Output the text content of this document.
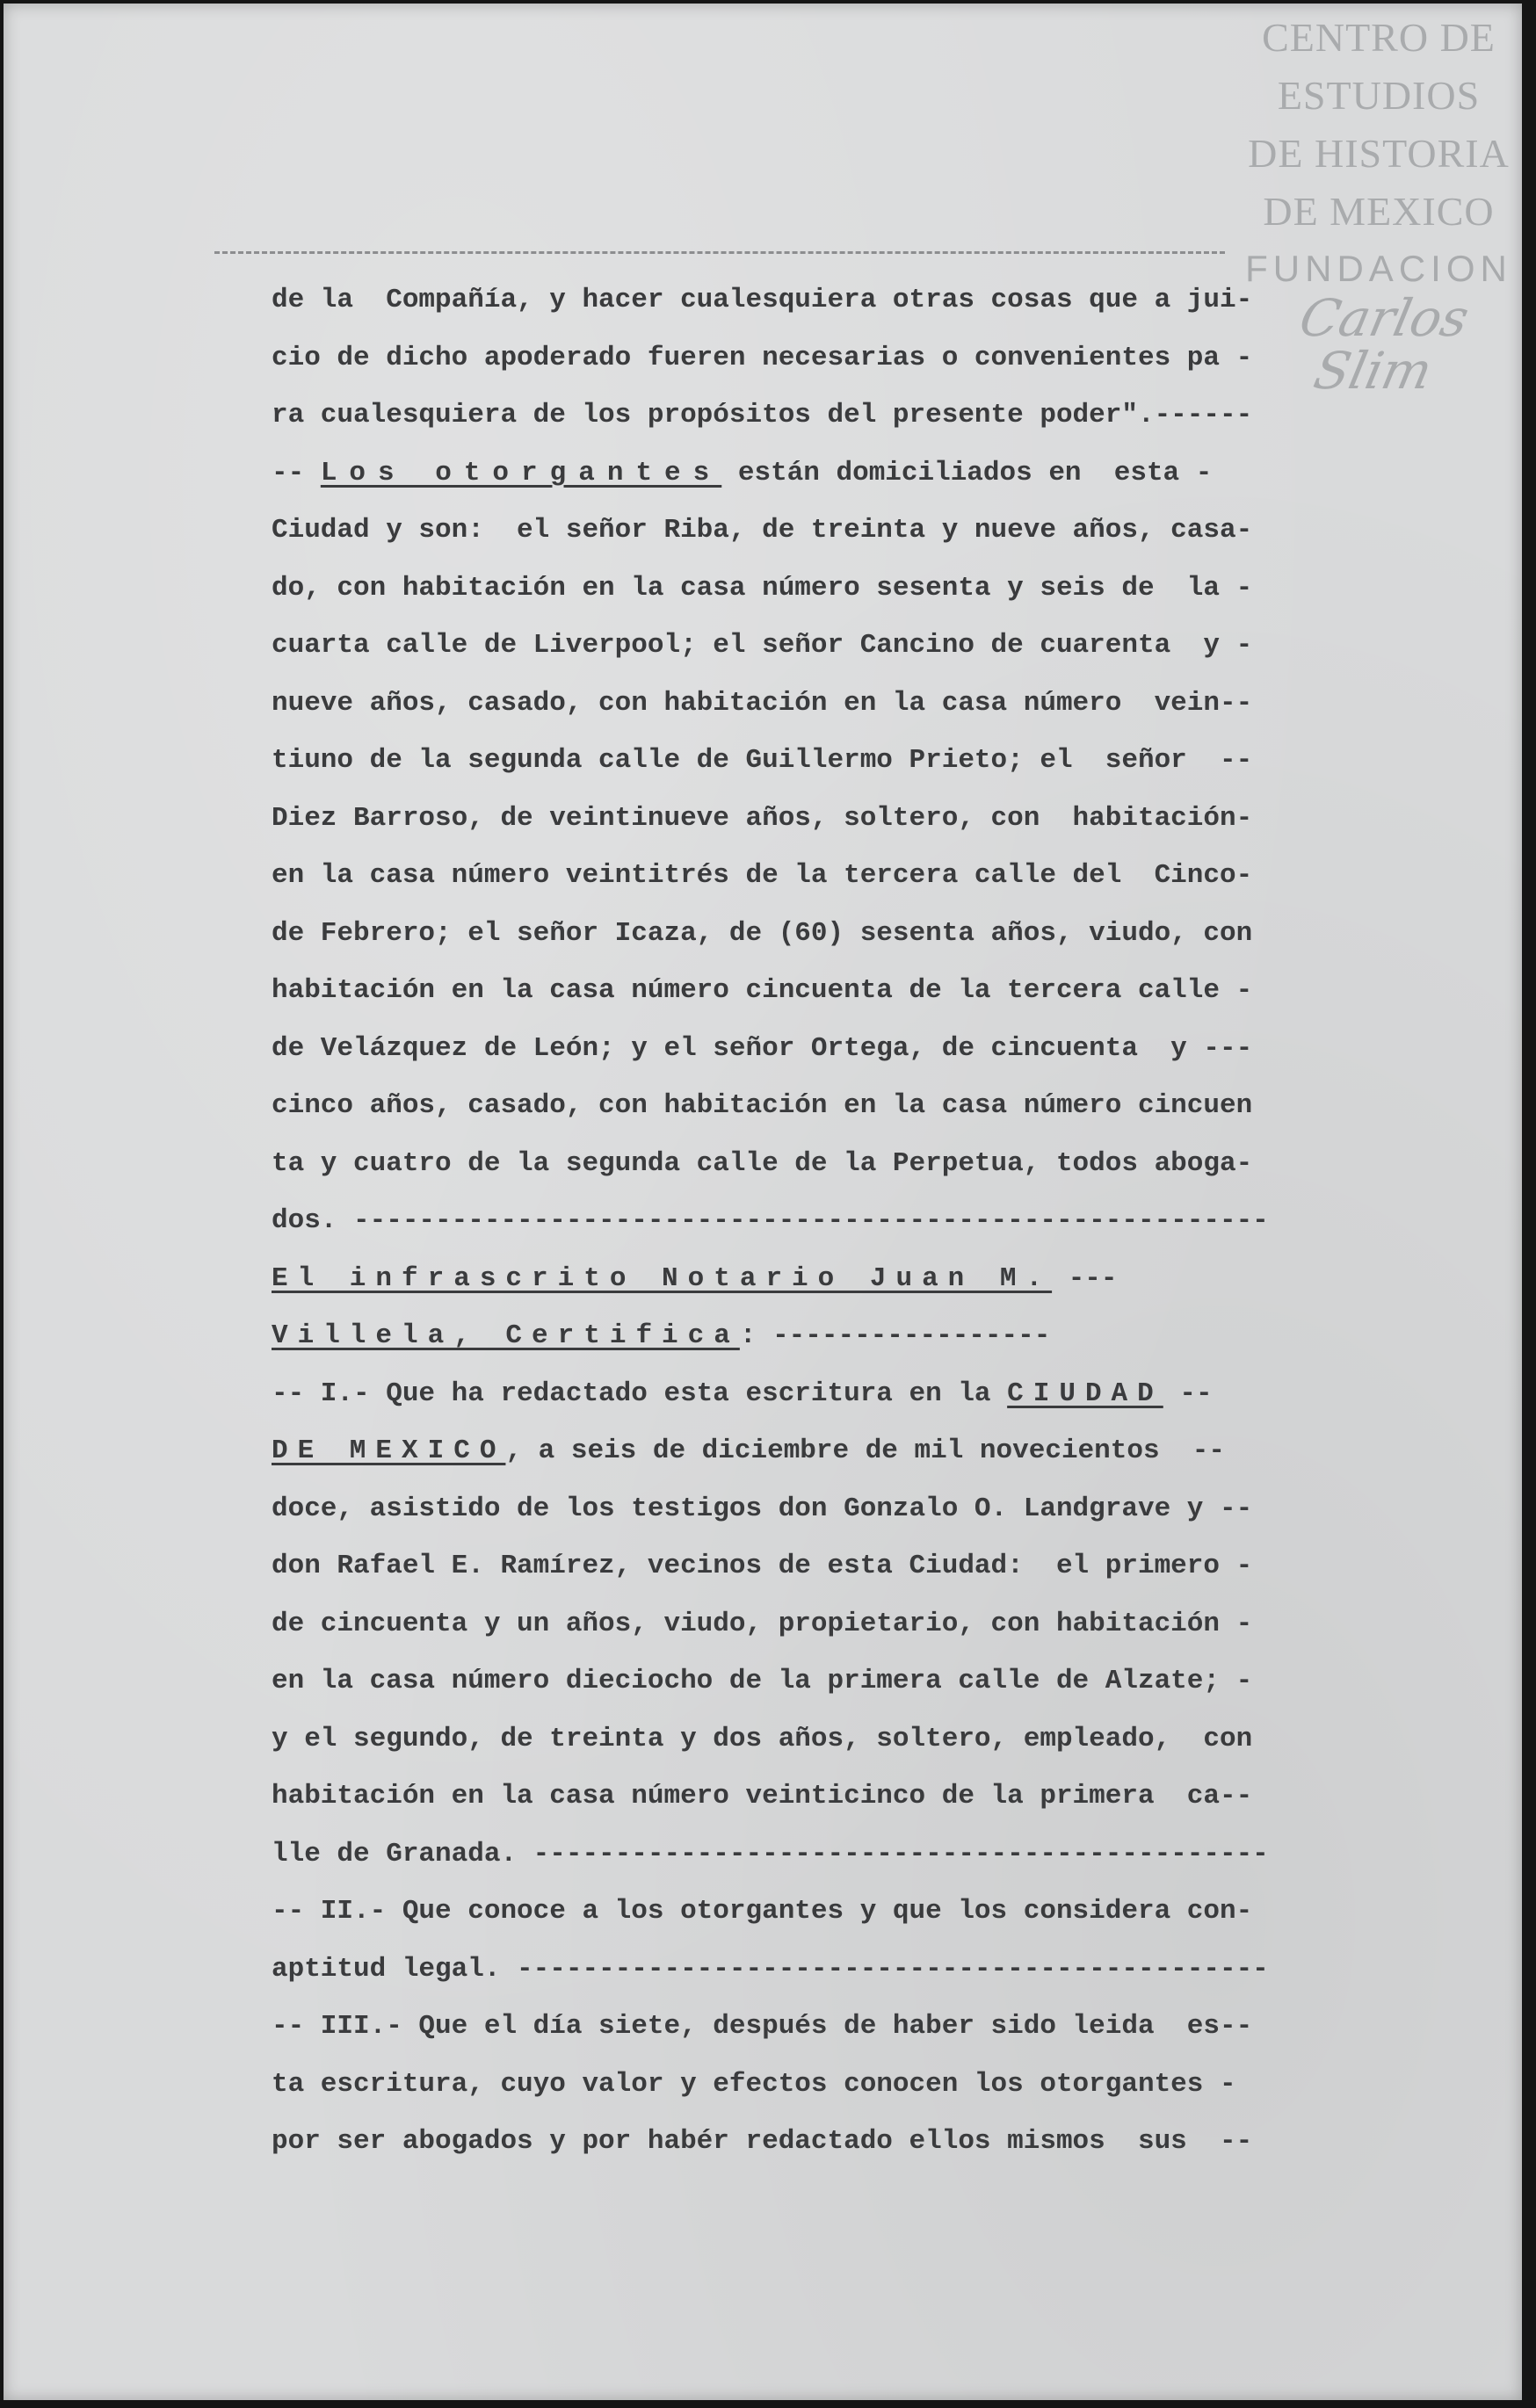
CENTRO DE
ESTUDIOS
DE HISTORIA
DE MEXICO
FUNDACION
Carlos Slim
de la  Compañía, y hacer cualesquiera otras cosas que a jui-
cio de dicho apoderado fueren necesarias o convenientes pa -
ra cualesquiera de los propósitos del presente poder".------
-- Los otorgantes están domiciliados en  esta -
Ciudad y son:  el señor Riba, de treinta y nueve años, casa-
do, con habitación en la casa número sesenta y seis de  la -
cuarta calle de Liverpool; el señor Cancino de cuarenta  y -
nueve años, casado, con habitación en la casa número  vein--
tiuno de la segunda calle de Guillermo Prieto; el  señor  --
Diez Barroso, de veintinueve años, soltero, con  habitación-
en la casa número veintitrés de la tercera calle del  Cinco-
de Febrero; el señor Icaza, de (60) sesenta años, viudo, con
habitación en la casa número cincuenta de la tercera calle -
de Velázquez de León; y el señor Ortega, de cincuenta  y ---
cinco años, casado, con habitación en la casa número cincuen
ta y cuatro de la segunda calle de la Perpetua, todos aboga-
dos. --------------------------------------------------------
El infrascrito Notario Juan M. ---
Villela, Certifica: -----------------
-- I.- Que ha redactado esta escritura en la CIUDAD --
DE MEXICO, a seis de diciembre de mil novecientos  --
doce, asistido de los testigos don Gonzalo O. Landgrave y --
don Rafael E. Ramírez, vecinos de esta Ciudad:  el primero -
de cincuenta y un años, viudo, propietario, con habitación -
en la casa número dieciocho de la primera calle de Alzate; -
y el segundo, de treinta y dos años, soltero, empleado,  con
habitación en la casa número veinticinco de la primera  ca--
lle de Granada. ---------------------------------------------
-- II.- Que conoce a los otorgantes y que los considera con-
aptitud legal. ----------------------------------------------
-- III.- Que el día siete, después de haber sido leida  es--
ta escritura, cuyo valor y efectos conocen los otorgantes -
por ser abogados y por habér redactado ellos mismos  sus  --
